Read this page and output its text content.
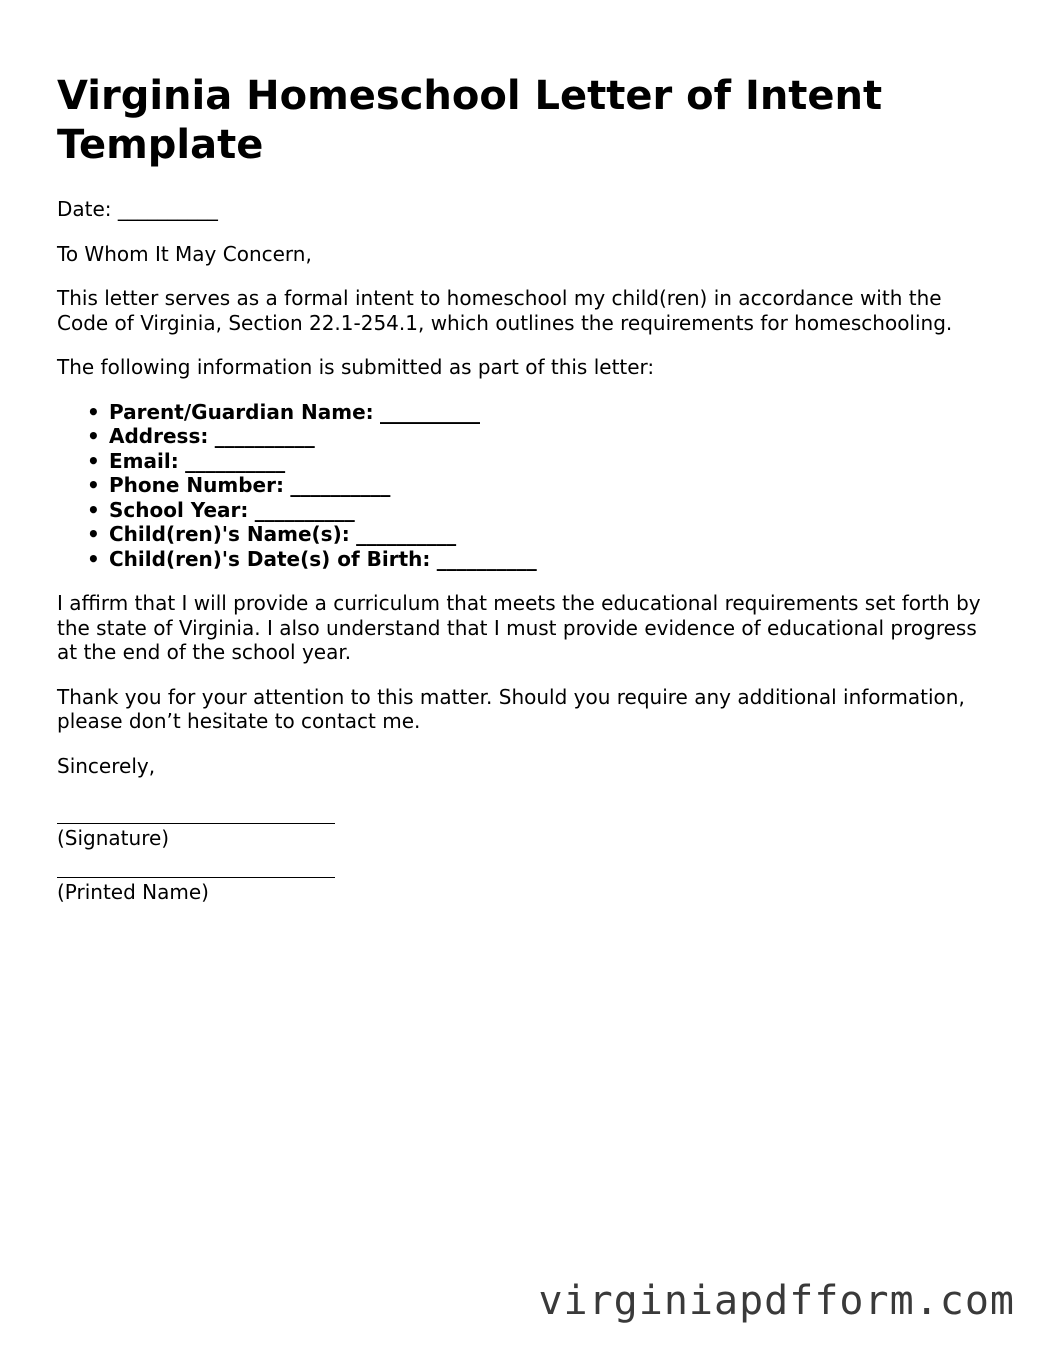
Virginia Homeschool Letter of Intent Template

Date: __________

To Whom It May Concern,

This letter serves as a formal intent to homeschool my child(ren) in accordance with the Code of Virginia, Section 22.1-254.1, which outlines the requirements for homeschooling.

The following information is submitted as part of this letter:

• Parent/Guardian Name: __________
• Address: __________
• Email: __________
• Phone Number: __________
• School Year: __________
• Child(ren)'s Name(s): __________
• Child(ren)'s Date(s) of Birth: __________

I affirm that I will provide a curriculum that meets the educational requirements set forth by the state of Virginia. I also understand that I must provide evidence of educational progress at the end of the school year.

Thank you for your attention to this matter. Should you require any additional information, please don’t hesitate to contact me.

Sincerely,

(Signature)
(Printed Name)
virginiapdfform.com
